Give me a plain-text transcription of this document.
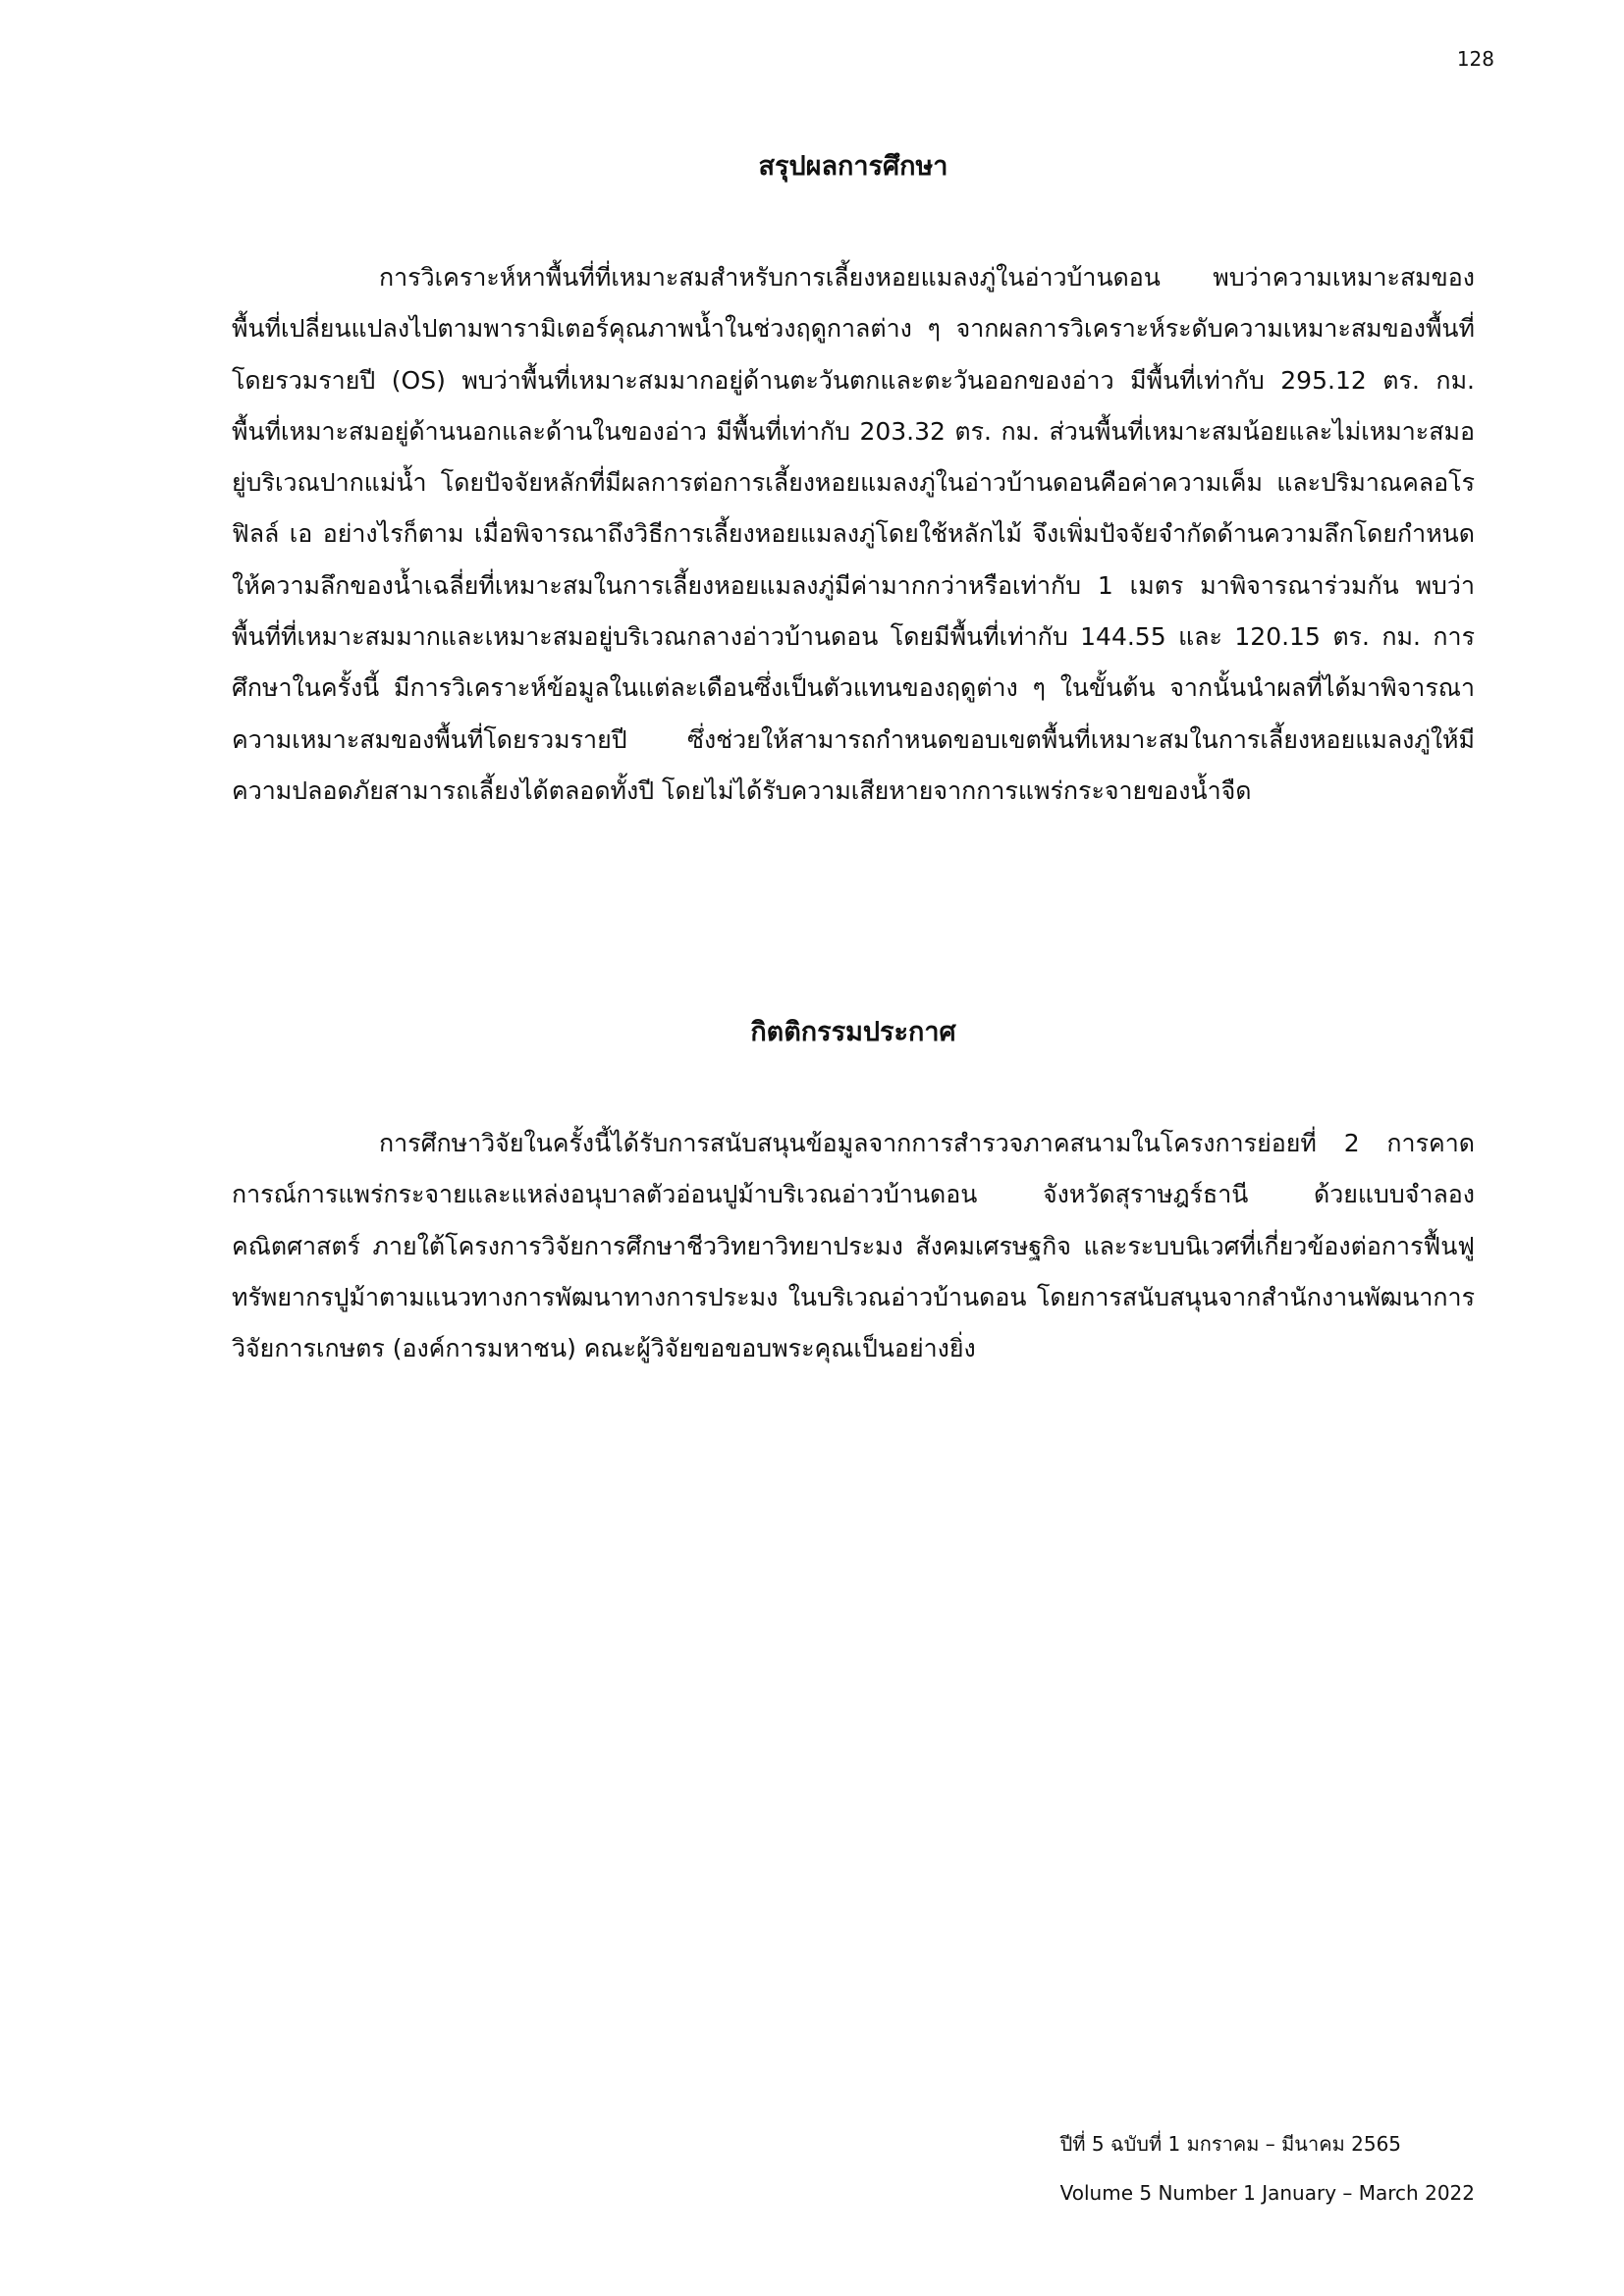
128
สรุปผลการศึกษา

การวิเคราะห์หาพื้นที่ที่เหมาะสมสำหรับการเลี้ยงหอยแมลงภู่ในอ่าวบ้านดอน พบว่าความเหมาะสมของพื้นที่เปลี่ยนแปลงไปตามพารามิเตอร์คุณภาพน้ำในช่วงฤดูกาลต่าง ๆ จากผลการวิเคราะห์ระดับความเหมาะสมของพื้นที่โดยรวมรายปี (OS) พบว่าพื้นที่เหมาะสมมากอยู่ด้านตะวันตกและตะวันออกของอ่าว มีพื้นที่เท่ากับ 295.12 ตร. กม. พื้นที่เหมาะสมอยู่ด้านนอกและด้านในของอ่าว มีพื้นที่เท่ากับ 203.32 ตร. กม. ส่วนพื้นที่เหมาะสมน้อยและไม่เหมาะสมอยู่บริเวณปากแม่น้ำ โดยปัจจัยหลักที่มีผลการต่อการเลี้ยงหอยแมลงภู่ในอ่าวบ้านดอนคือค่าความเค็ม และปริมาณคลอโรฟิลล์ เอ อย่างไรก็ตาม เมื่อพิจารณาถึงวิธีการเลี้ยงหอยแมลงภู่โดยใช้หลักไม้ จึงเพิ่มปัจจัยจำกัดด้านความลึกโดยกำหนดให้ความลึกของน้ำเฉลี่ยที่เหมาะสมในการเลี้ยงหอยแมลงภู่มีค่ามากกว่าหรือเท่ากับ 1 เมตร มาพิจารณาร่วมกัน พบว่าพื้นที่ที่เหมาะสมมากและเหมาะสมอยู่บริเวณกลางอ่าวบ้านดอน โดยมีพื้นที่เท่ากับ 144.55 และ 120.15 ตร. กม. การศึกษาในครั้งนี้ มีการวิเคราะห์ข้อมูลในแต่ละเดือนซึ่งเป็นตัวแทนของฤดูต่าง ๆ ในขั้นต้น จากนั้นนำผลที่ได้มาพิจารณาความเหมาะสมของพื้นที่โดยรวมรายปี ซึ่งช่วยให้สามารถกำหนดขอบเขตพื้นที่เหมาะสมในการเลี้ยงหอยแมลงภู่ให้มีความปลอดภัยสามารถเลี้ยงได้ตลอดทั้งปี โดยไม่ได้รับความเสียหายจากการแพร่กระจายของน้ำจืด

กิตติกรรมประกาศ

การศึกษาวิจัยในครั้งนี้ได้รับการสนับสนุนข้อมูลจากการสำรวจภาคสนามในโครงการย่อยที่ 2 การคาดการณ์การแพร่กระจายและแหล่งอนุบาลตัวอ่อนปูม้าบริเวณอ่าวบ้านดอน จังหวัดสุราษฎร์ธานี ด้วยแบบจำลองคณิตศาสตร์ ภายใต้โครงการวิจัยการศึกษาชีววิทยาวิทยาประมง สังคมเศรษฐกิจ และระบบนิเวศที่เกี่ยวข้องต่อการฟื้นฟูทรัพยากรปูม้าตามแนวทางการพัฒนาทางการประมง ในบริเวณอ่าวบ้านดอน โดยการสนับสนุนจากสำนักงานพัฒนาการวิจัยการเกษตร (องค์การมหาชน) คณะผู้วิจัยขอขอบพระคุณเป็นอย่างยิ่ง

ปีที่ 5 ฉบับที่ 1 มกราคม – มีนาคม 2565
Volume 5 Number 1 January – March 2022
